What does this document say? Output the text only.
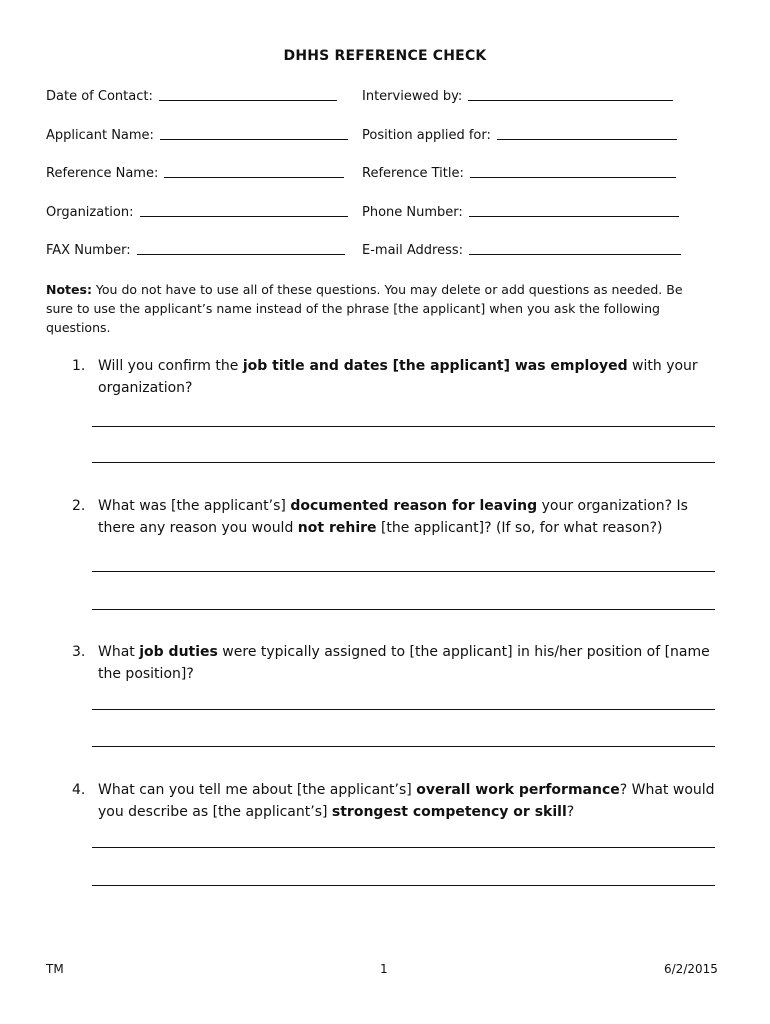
DHHS REFERENCE CHECK
Date of Contact:
Applicant Name:
Reference Name:
Organization:
FAX Number:
Interviewed by:
Position applied for:
Reference Title:
Phone Number:
E-mail Address:
Notes: You do not have to use all of these questions. You may delete or add questions as needed. Be sure to use the applicant’s name instead of the phrase [the applicant] when you ask the following questions.
1. Will you confirm the job title and dates [the applicant] was employed with your organization?
2. What was [the applicant’s] documented reason for leaving your organization? Is there any reason you would not rehire [the applicant]? (If so, for what reason?)
3. What job duties were typically assigned to [the applicant] in his/her position of [name the position]?
4. What can you tell me about [the applicant’s] overall work performance? What would you describe as [the applicant’s] strongest competency or skill?
TM	1	6/2/2015
